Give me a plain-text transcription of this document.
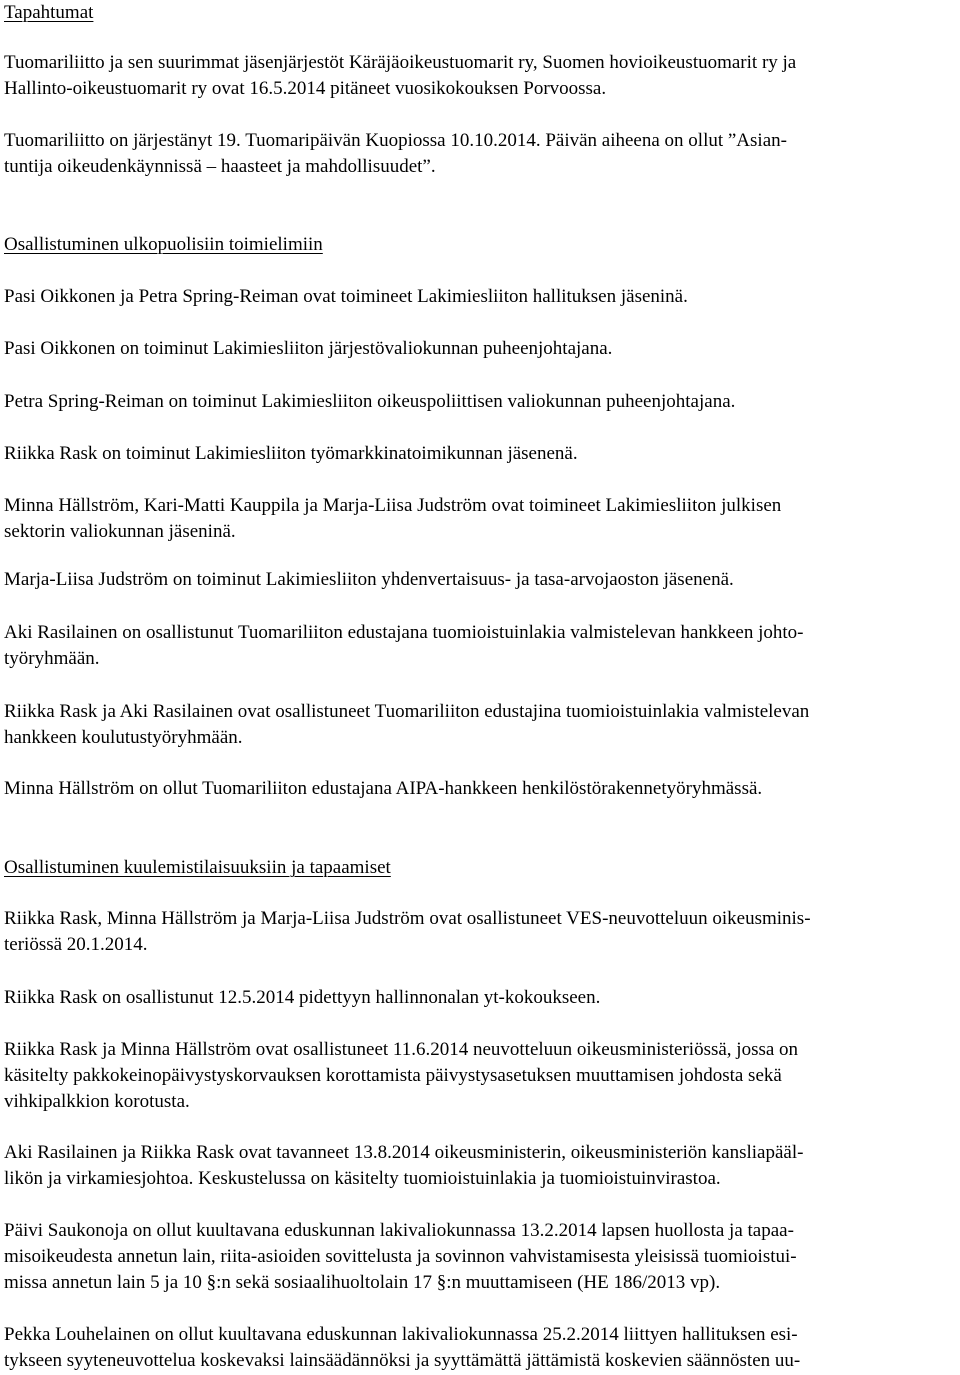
Tapahtumat
Tuomariliitto ja sen suurimmat jäsenjärjestöt Käräjäoikeustuomarit ry, Suomen hovioikeustuomarit ry ja
Hallinto-oikeustuomarit ry ovat 16.5.2014 pitäneet vuosikokouksen Porvoossa.
Tuomariliitto on järjestänyt 19. Tuomaripäivän Kuopiossa 10.10.2014. Päivän aiheena on ollut ”Asian-
tuntija oikeudenkäynnissä – haasteet ja mahdollisuudet”.
Osallistuminen ulkopuolisiin toimielimiin
Pasi Oikkonen ja Petra Spring-Reiman ovat toimineet Lakimiesliiton hallituksen jäseninä.
Pasi Oikkonen on toiminut Lakimiesliiton järjestövaliokunnan puheenjohtajana.
Petra Spring-Reiman on toiminut Lakimiesliiton oikeuspoliittisen valiokunnan puheenjohtajana.
Riikka Rask on toiminut Lakimiesliiton työmarkkinatoimikunnan jäsenenä.
Minna Hällström, Kari-Matti Kauppila ja Marja-Liisa Judström ovat toimineet Lakimiesliiton julkisen
sektorin valiokunnan jäseninä.
Marja-Liisa Judström on toiminut Lakimiesliiton yhdenvertaisuus- ja tasa-arvojaoston jäsenenä.
Aki Rasilainen on osallistunut Tuomariliiton edustajana tuomioistuinlakia valmistelevan hankkeen johto-
työryhmään.
Riikka Rask ja Aki Rasilainen ovat osallistuneet Tuomariliiton edustajina tuomioistuinlakia valmistelevan
hankkeen koulutustyöryhmään.
Minna Hällström on ollut Tuomariliiton edustajana AIPA-hankkeen henkilöstörakennetyöryhmässä.
Osallistuminen kuulemistilaisuuksiin ja tapaamiset
Riikka Rask, Minna Hällström ja Marja-Liisa Judström ovat osallistuneet VES-neuvotteluun oikeusminis-
teriössä 20.1.2014.
Riikka Rask on osallistunut 12.5.2014 pidettyyn hallinnonalan yt-kokoukseen.
Riikka Rask ja Minna Hällström ovat osallistuneet 11.6.2014 neuvotteluun oikeusministeriössä, jossa on
käsitelty pakkokeinopäivystyskorvauksen korottamista päivystysasetuksen muuttamisen johdosta sekä
vihkipalkkion korotusta.
Aki Rasilainen ja Riikka Rask ovat tavanneet 13.8.2014 oikeusministerin, oikeusministeriön kansliapääl-
likön ja virkamiesjohtoa. Keskustelussa on käsitelty tuomioistuinlakia ja tuomioistuinvirastoa.
Päivi Saukonoja on ollut kuultavana eduskunnan lakivaliokunnassa 13.2.2014 lapsen huollosta ja tapaa-
misoikeudesta annetun lain, riita-asioiden sovittelusta ja sovinnon vahvistamisesta yleisissä tuomioistui-
missa annetun lain 5 ja 10 §:n sekä sosiaalihuoltolain 17 §:n muuttamiseen (HE 186/2013 vp).
Pekka Louhelainen on ollut kuultavana eduskunnan lakivaliokunnassa 25.2.2014 liittyen hallituksen esi-
tykseen syyteneuvottelua koskevaksi lainsäädännöksi ja syyttämättä jättämistä koskevien säännösten uu-
